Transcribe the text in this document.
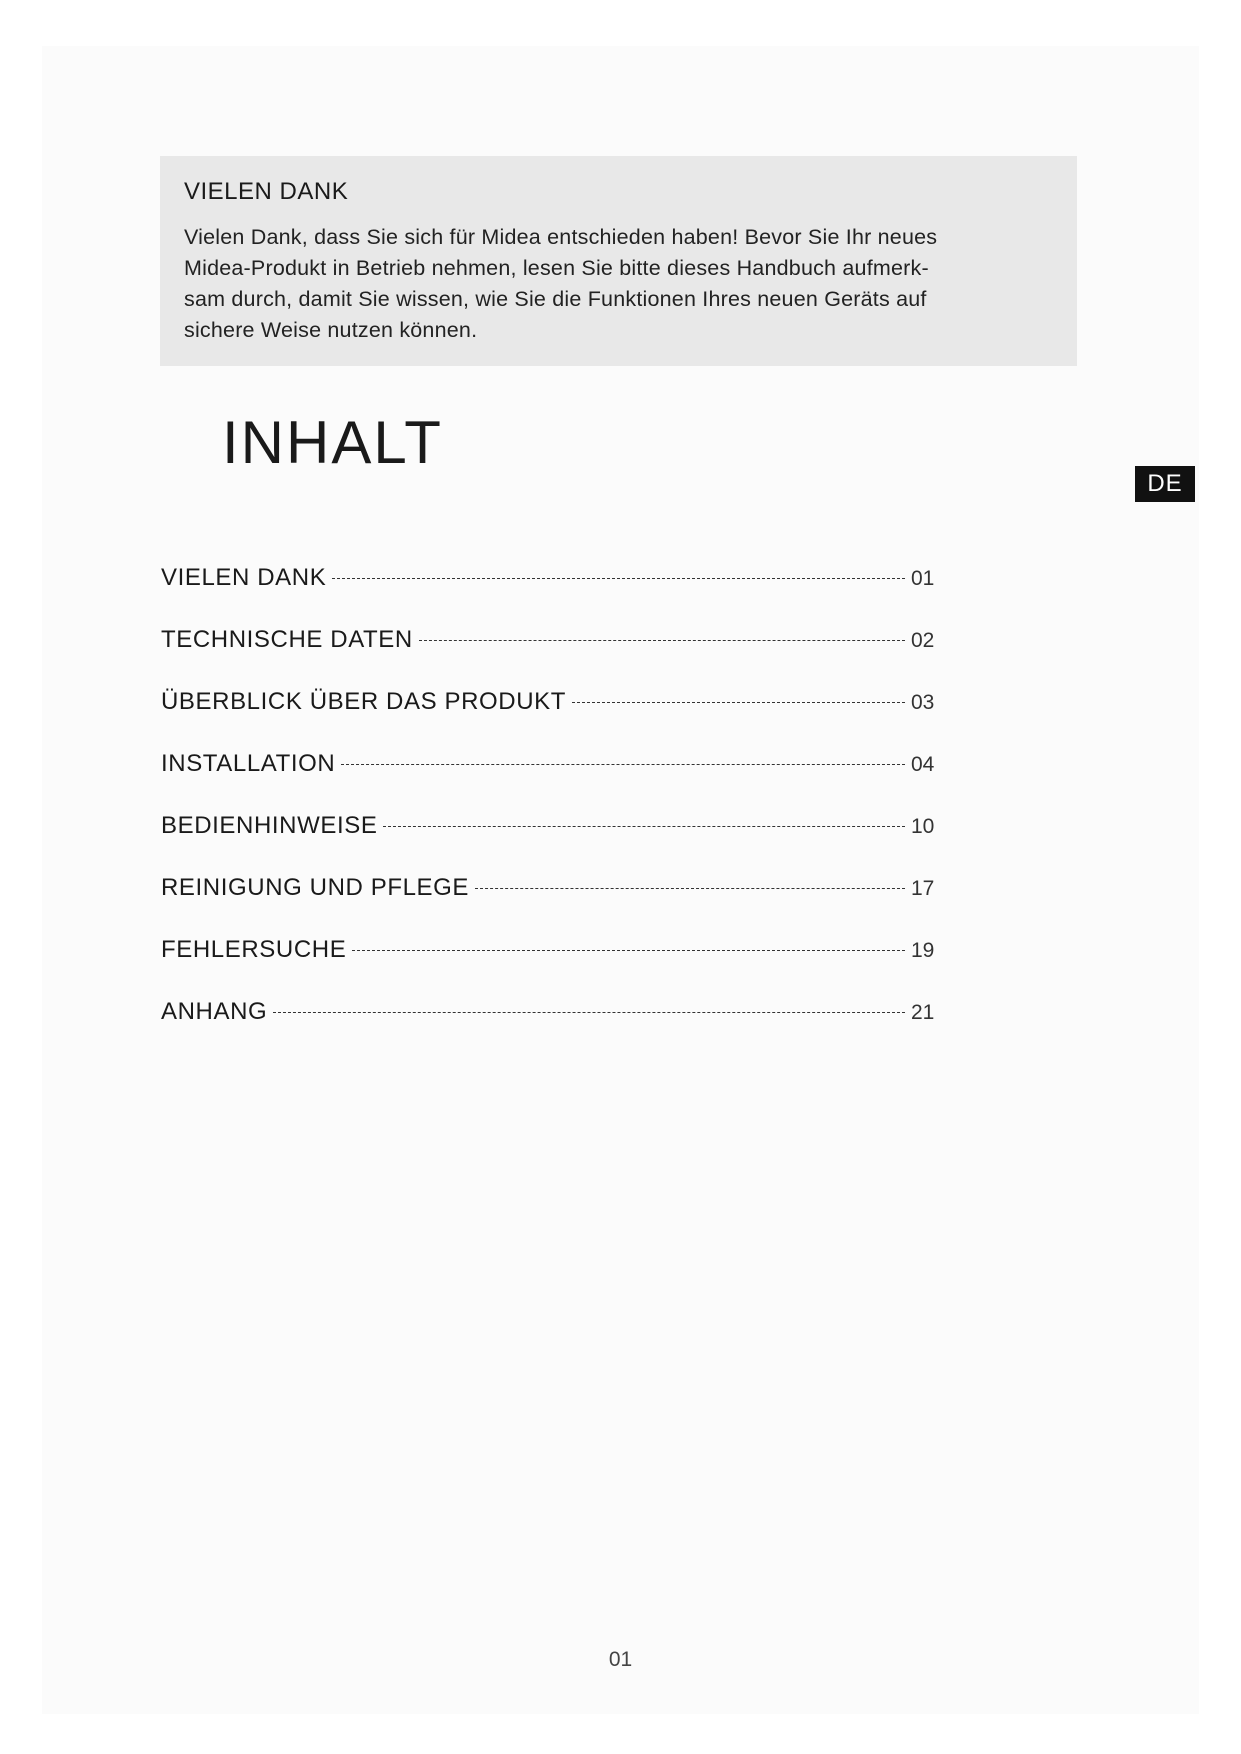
VIELEN DANK

Vielen Dank, dass Sie sich für Midea entschieden haben! Bevor Sie Ihr neues
Midea-Produkt in Betrieb nehmen, lesen Sie bitte dieses Handbuch aufmerk-
sam durch, damit Sie wissen, wie Sie die Funktionen Ihres neuen Geräts auf
sichere Weise nutzen können.

INHALT
DE
VIELEN DANK	01
TECHNISCHE DATEN	02
ÜBERBLICK ÜBER DAS PRODUKT	03
INSTALLATION	04
BEDIENHINWEISE	10
REINIGUNG UND PFLEGE	17
FEHLERSUCHE	19
ANHANG	21
01
